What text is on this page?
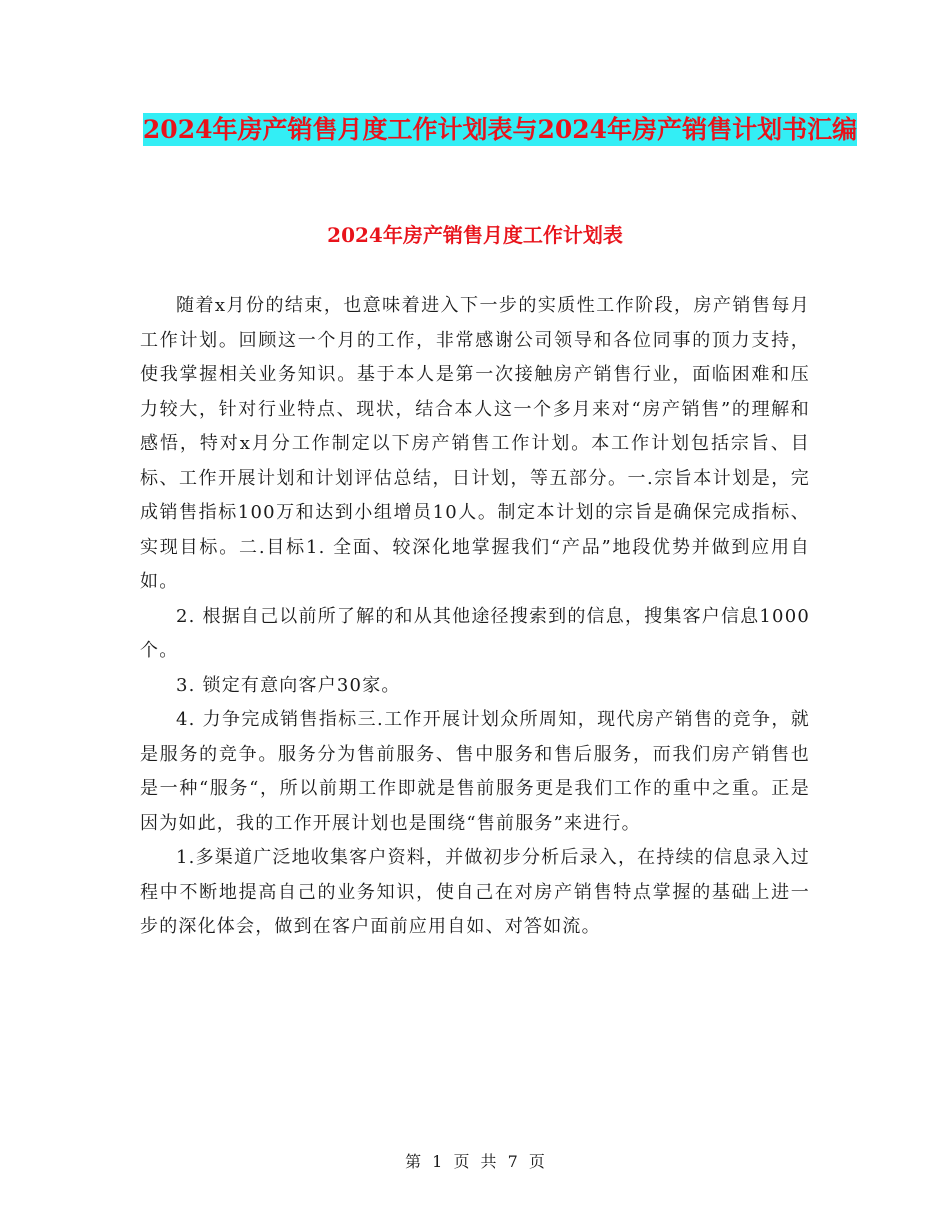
2024年房产销售月度工作计划表与2024年房产销售计划书汇编
2024年房产销售月度工作计划表

随着x月份的结束，也意味着进入下一步的实质性工作阶段，房产销售每月工作计划。回顾这一个月的工作，非常感谢公司领导和各位同事的顶力支持，使我掌握相关业务知识。基于本人是第一次接触房产销售行业，面临困难和压力较大，针对行业特点、现状，结合本人这一个多月来对“房产销售”的理解和感悟，特对x月分工作制定以下房产销售工作计划。本工作计划包括宗旨、目标、工作开展计划和计划评估总结，日计划，等五部分。一.宗旨本计划是，完成销售指标100万和达到小组增员10人。制定本计划的宗旨是确保完成指标、实现目标。二.目标1. 全面、较深化地掌握我们“产品”地段优势并做到应用自如。

2. 根据自己以前所了解的和从其他途径搜索到的信息，搜集客户信息1000个。

3. 锁定有意向客户30家。

4. 力争完成销售指标三.工作开展计划众所周知，现代房产销售的竞争，就是服务的竞争。服务分为售前服务、售中服务和售后服务，而我们房产销售也是一种“服务“，所以前期工作即就是售前服务更是我们工作的重中之重。正是因为如此，我的工作开展计划也是围绕“售前服务”来进行。

1.多渠道广泛地收集客户资料，并做初步分析后录入，在持续的信息录入过程中不断地提高自己的业务知识，使自己在对房产销售特点掌握的基础上进一步的深化体会，做到在客户面前应用自如、对答如流。

第 1 页 共 7 页
